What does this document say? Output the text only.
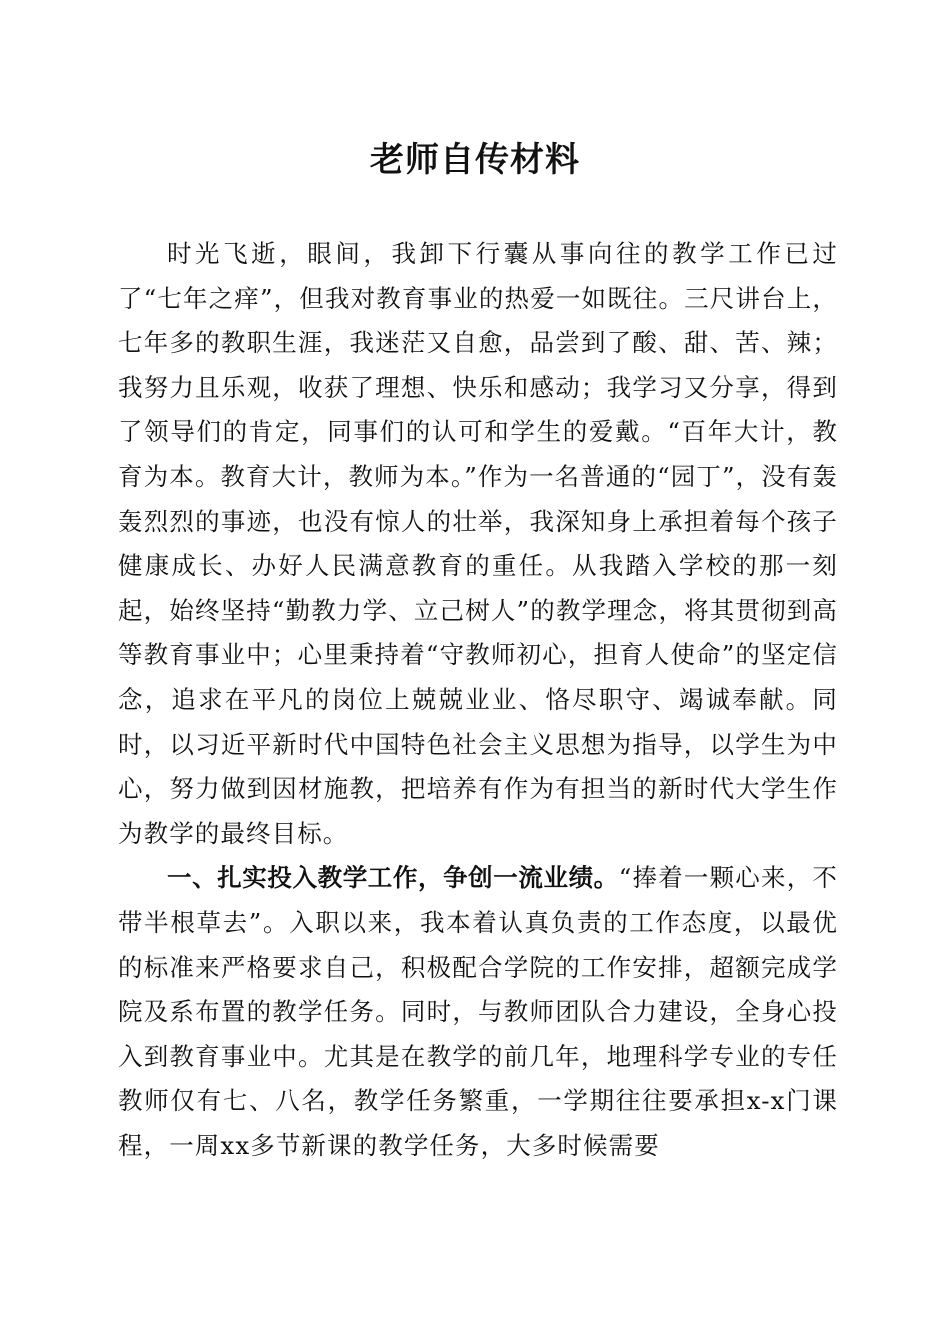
老师自传材料

时光飞逝，眼间，我卸下行囊从事向往的教学工作已过了“七年之痒”，但我对教育事业的热爱一如既往。三尺讲台上，七年多的教职生涯，我迷茫又自愈，品尝到了酸、甜、苦、辣；我努力且乐观，收获了理想、快乐和感动；我学习又分享，得到了领导们的肯定，同事们的认可和学生的爱戴。“百年大计，教育为本。教育大计，教师为本。”作为一名普通的“园丁”，没有轰轰烈烈的事迹，也没有惊人的壮举，我深知身上承担着每个孩子健康成长、办好人民满意教育的重任。从我踏入学校的那一刻起，始终坚持“勤教力学、立己树人”的教学理念，将其贯彻到高等教育事业中；心里秉持着“守教师初心，担育人使命”的坚定信念，追求在平凡的岗位上兢兢业业、恪尽职守、竭诚奉献。同时，以习近平新时代中国特色社会主义思想为指导，以学生为中心，努力做到因材施教，把培养有作为有担当的新时代大学生作为教学的最终目标。

一、扎实投入教学工作，争创一流业绩。“捧着一颗心来，不带半根草去”。入职以来，我本着认真负责的工作态度，以最优的标准来严格要求自己，积极配合学院的工作安排，超额完成学院及系布置的教学任务。同时，与教师团队合力建设，全身心投入到教育事业中。尤其是在教学的前几年，地理科学专业的专任教师仅有七、八名，教学任务繁重，一学期往往要承担x-x门课程，一周xx多节新课的教学任务，大多时候需要
